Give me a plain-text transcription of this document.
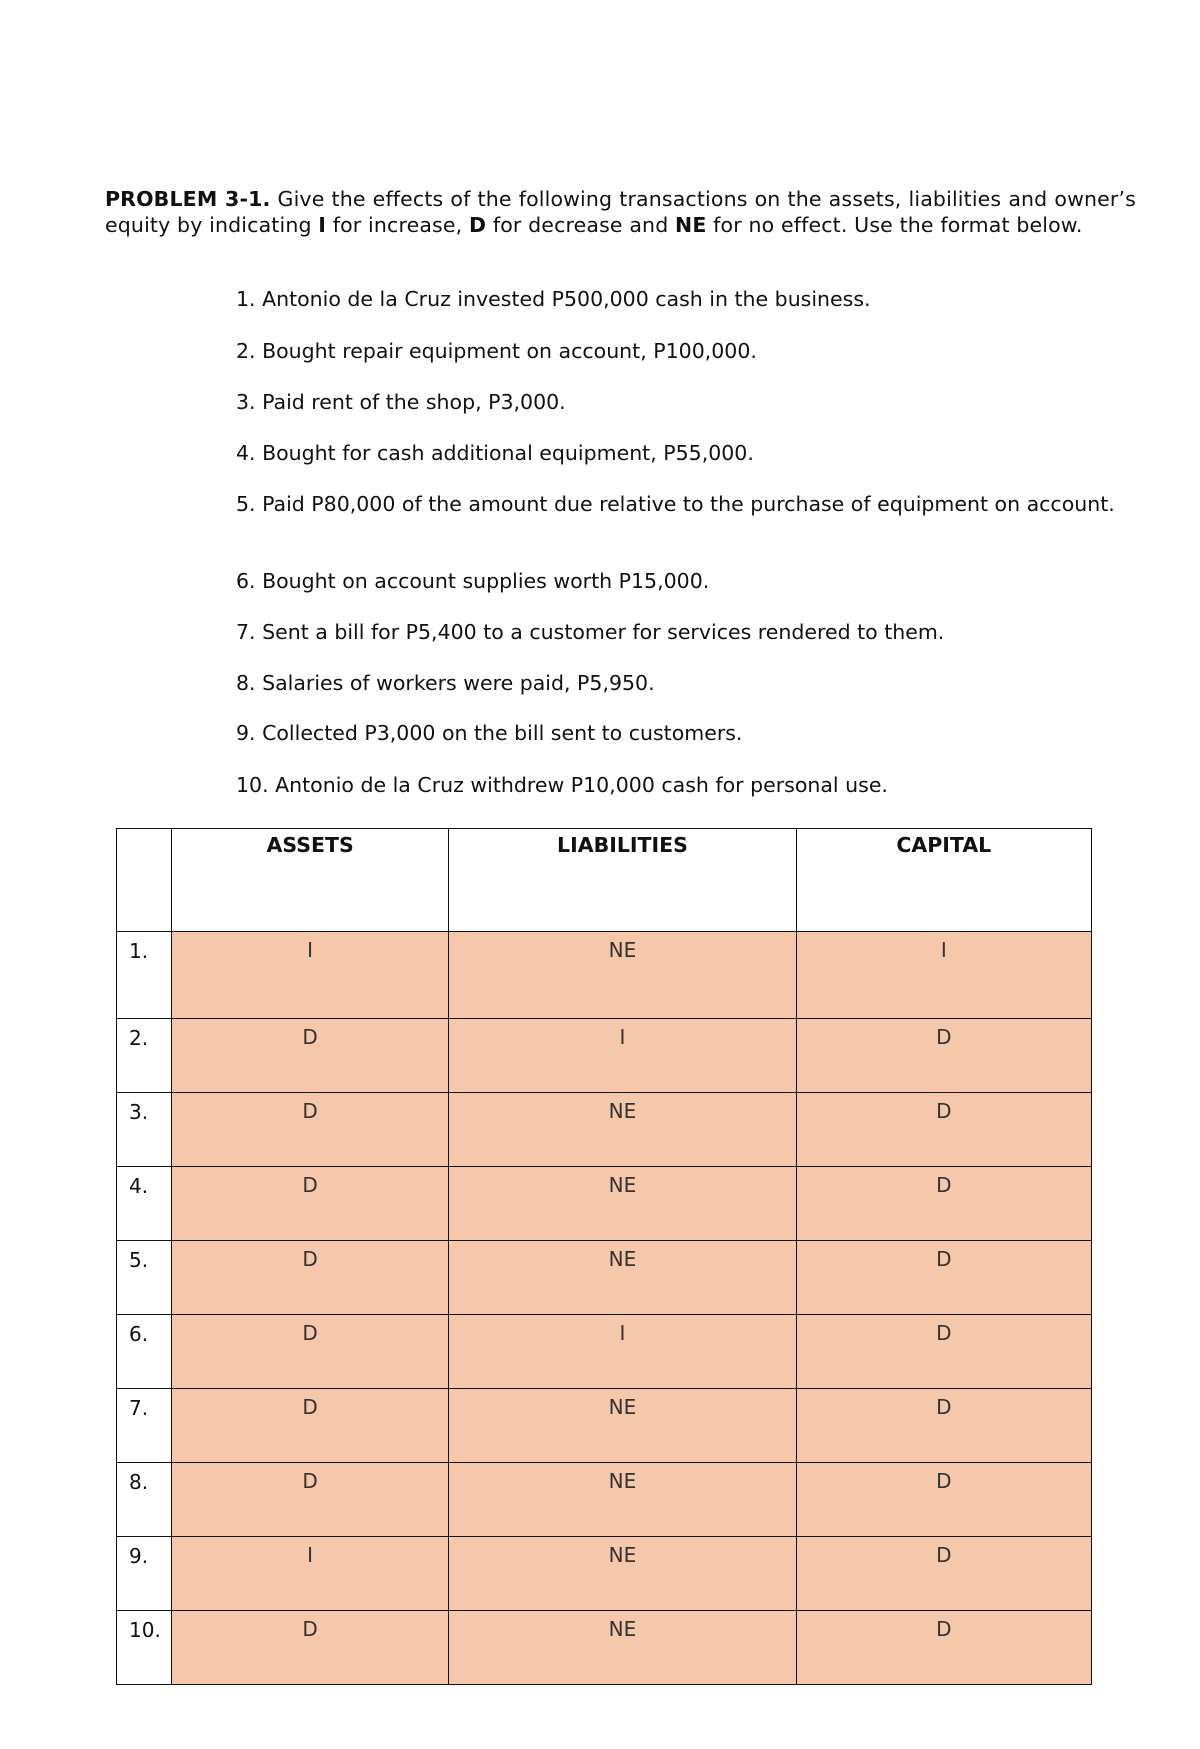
PROBLEM 3-1. Give the effects of the following transactions on the assets, liabilities and owner’s equity by indicating I for increase, D for decrease and NE for no effect. Use the format below.

1. Antonio de la Cruz invested P500,000 cash in the business.
2. Bought repair equipment on account, P100,000.
3. Paid rent of the shop, P3,000.
4. Bought for cash additional equipment, P55,000.
5. Paid P80,000 of the amount due relative to the purchase of equipment on account.
6. Bought on account supplies worth P15,000.
7. Sent a bill for P5,400 to a customer for services rendered to them.
8. Salaries of workers were paid, P5,950.
9. Collected P3,000 on the bill sent to customers.
10. Antonio de la Cruz withdrew P10,000 cash for personal use.
	ASSETS	LIABILITIES	CAPITAL
1.	I	NE	I
2.	D	I	D
3.	D	NE	D
4.	D	NE	D
5.	D	NE	D
6.	D	I	D
7.	D	NE	D
8.	D	NE	D
9.	I	NE	D
10.	D	NE	D
